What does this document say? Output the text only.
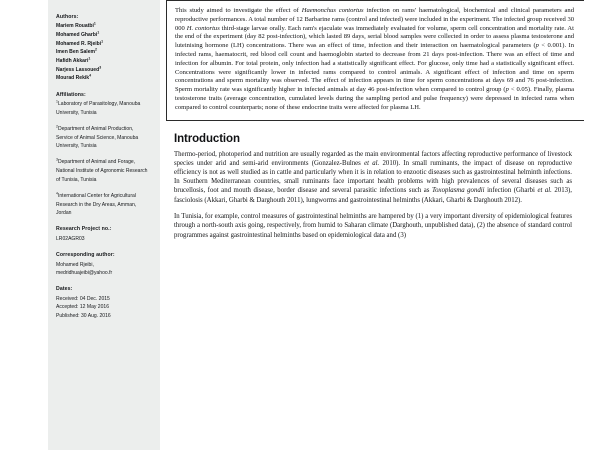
Authors:
Mariem Rouatbi$^1$
Mohamed Gharbi$^1$
Mohamed R. Rjeibi$^1$
Imen Ben Salem$^2$
Hafidh Akkari$^1$
Narjess Lassoued$^3$
Mourad Rekik$^4$
Affiliations:
$^1$Laboratory of Parasitology, Manouba University, Tunisia
$^2$Department of Animal Production, Service of Animal Science, Manouba University, Tunisia
$^3$Department of Animal and Forage, National Institute of Agronomic Research of Tunisia, Tunisia
$^4$International Center for Agricultural Research in the Dry Areas, Amman, Jordan
Research Project no.:
LR02AGR03
Corresponding author:
Mohamed Rjeibi,
medridhuajeibi@yahoo.fr
Dates:
Received: 04 Dec. 2015
Accepted: 12 May 2016
Published: 30 Aug. 2016

This study aimed to investigate the effect of Haemonchus contortus infection on rams' haematological, biochemical and clinical parameters and reproductive performances. A total number of 12 Barbarine rams (control and infected) were included in the experiment. The infected group received 30 000 H. contortus third-stage larvae orally. Each ram's ejaculate was immediately evaluated for volume, sperm cell concentration and mortality rate. At the end of the experiment (day 82 post-infection), which lasted 89 days, serial blood samples were collected in order to assess plasma testosterone and luteinising hormone (LH) concentrations. There was an effect of time, infection and their interaction on haematological parameters (p < 0.001). In infected rams, haematocrit, red blood cell count and haemoglobin started to decrease from 21 days post-infection. There was an effect of time and infection for albumin. For total protein, only infection had a statistically significant effect. For glucose, only time had a statistically significant effect. Concentrations were significantly lower in infected rams compared to control animals. A significant effect of infection and time on sperm concentrations and sperm mortality was observed. The effect of infection appears in time for sperm concentrations at days 69 and 76 post-infection. Sperm mortality rate was significantly higher in infected animals at day 46 post-infection when compared to control group (p < 0.05). Finally, plasma testosterone traits (average concentration, cumulated levels during the sampling period and pulse frequency) were depressed in infected rams when compared to control counterparts; none of these endocrine traits were affected for plasma LH.

Introduction

Thermo-period, photoperiod and nutrition are usually regarded as the main environmental factors affecting reproductive performance of livestock species under arid and semi-arid environments (Gonzalez-Bulnes et al. 2010). In small ruminants, the impact of disease on reproductive efficiency is not as well studied as in cattle and particularly when it is in relation to enzootic diseases such as gastrointestinal helminth infections. In Southern Mediterranean countries, small ruminants face important health problems with high prevalences of several diseases such as brucellosis, foot and mouth disease, border disease and several parasitic infections such as Toxoplasma gondii infection (Gharbi et al. 2013), fasciolosis (Akkari, Gharbi & Darghouth 2011), lungworms and gastrointestinal helminths (Akkari, Gharbi & Darghouth 2012).

In Tunisia, for example, control measures of gastrointestinal helminths are hampered by (1) a very important diversity of epidemiological features through a north-south axis going, respectively, from humid to Saharan climate (Darghouth, unpublished data), (2) the absence of standard control programmes against gastrointestinal helminths based on epidemiological data and (3)
